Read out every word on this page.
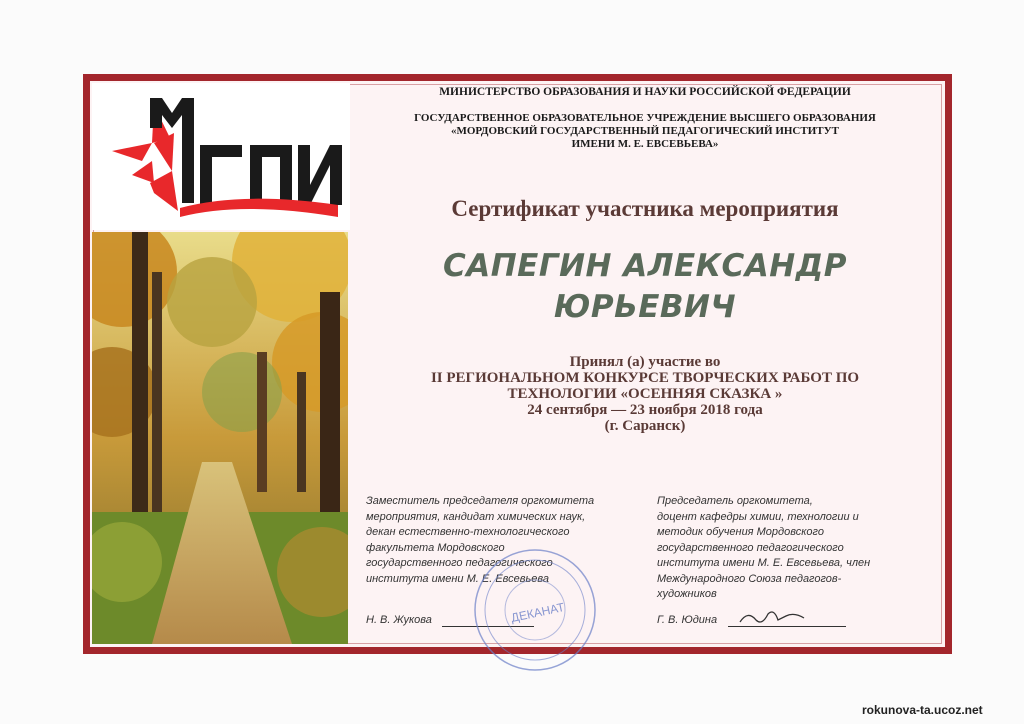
МИНИСТЕРСТВО ОБРАЗОВАНИЯ И НАУКИ РОССИЙСКОЙ ФЕДЕРАЦИИ
ГОСУДАРСТВЕННОЕ ОБРАЗОВАТЕЛЬНОЕ УЧРЕЖДЕНИЕ ВЫСШЕГО ОБРАЗОВАНИЯ
«МОРДОВСКИЙ ГОСУДАРСТВЕННЫЙ ПЕДАГОГИЧЕСКИЙ ИНСТИТУТ
ИМЕНИ М. Е. ЕВСЕВЬЕВА»
Сертификат участника мероприятия
САПЕГИН АЛЕКСАНДР
ЮРЬЕВИЧ
Принял (а) участие во
II РЕГИОНАЛЬНОМ КОНКУРСЕ ТВОРЧЕСКИХ РАБОТ ПО
ТЕХНОЛОГИИ «ОСЕННЯЯ СКАЗКА »
24 сентября — 23 ноября 2018 года
(г. Саранск)
Заместитель председателя оргкомитета
мероприятия, кандидат химических наук,
декан естественно-технологического
факультета Мордовского
государственного педагогического
института имени М. Е. Евсевьева
Н. В. Жукова
Председатель оргкомитета,
доцент кафедры химии, технологии и
методик обучения Мордовского
государственного педагогического
института имени М. Е. Евсевьева, член
Международного Союза педагогов-
художников
Г. В. Юдина
ДЕКАНАТ
rokunova-ta.ucoz.net
